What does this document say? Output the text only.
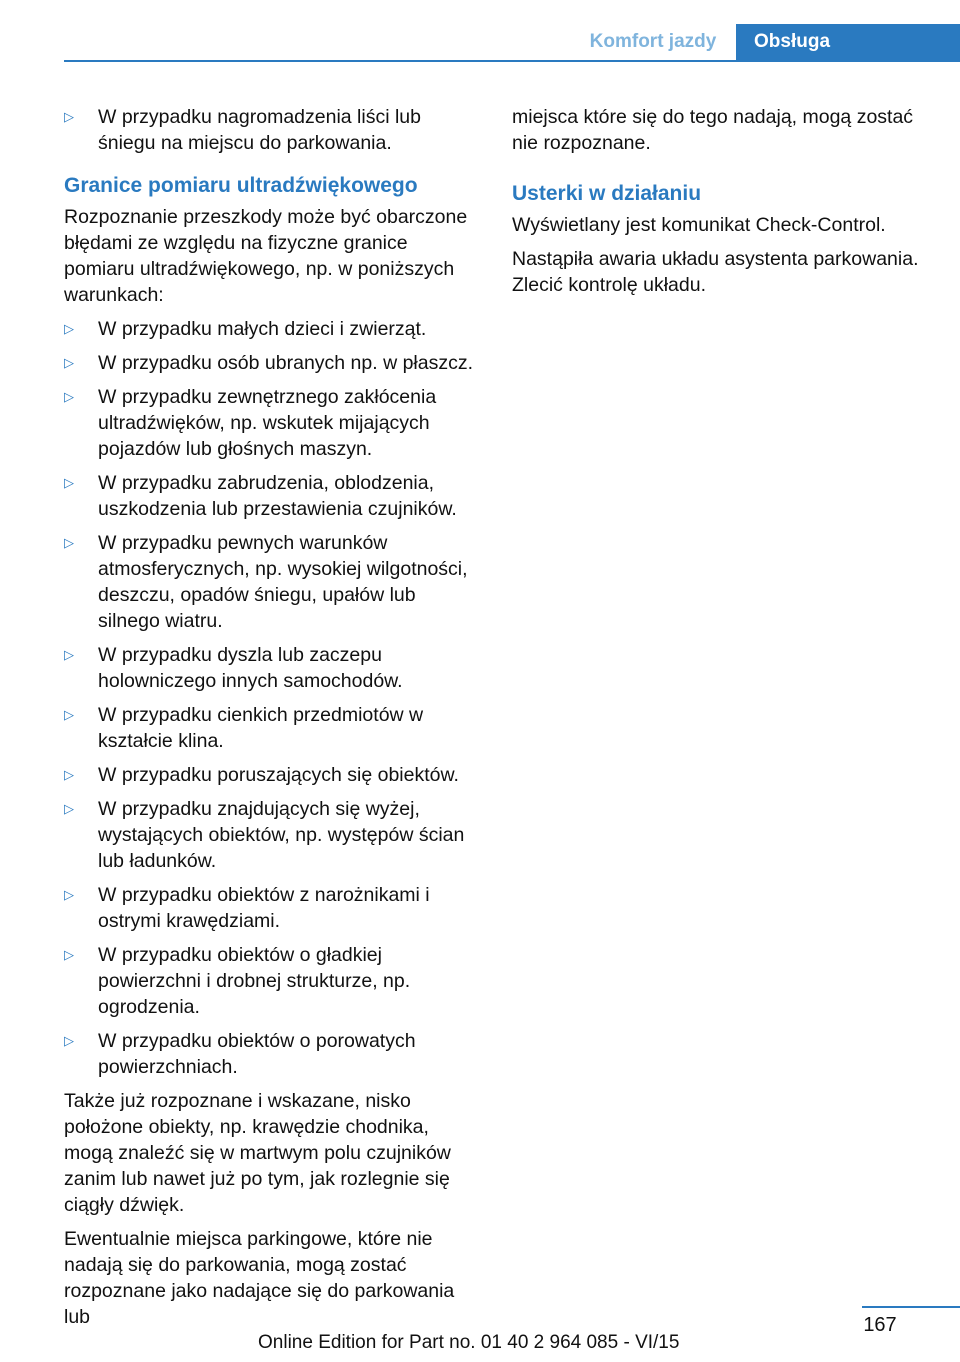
Komfort jazdy	Obsługa
▷ W przypadku nagromadzenia liści lub śniegu na miejscu do parkowania.
Granice pomiaru ultradźwiękowego

Rozpoznanie przeszkody może być obarczone błędami ze względu na fizyczne granice pomiaru ultradźwiękowego, np. w poniższych warunkach:

▷ W przypadku małych dzieci i zwierząt.
▷ W przypadku osób ubranych np. w płaszcz.
▷ W przypadku zewnętrznego zakłócenia ultradźwięków, np. wskutek mijających pojazdów lub głośnych maszyn.
▷ W przypadku zabrudzenia, oblodzenia, uszkodzenia lub przestawienia czujników.
▷ W przypadku pewnych warunków atmosferycznych, np. wysokiej wilgotności, deszczu, opadów śniegu, upałów lub silnego wiatru.
▷ W przypadku dyszla lub zaczepu holowniczego innych samochodów.
▷ W przypadku cienkich przedmiotów w kształcie klina.
▷ W przypadku poruszających się obiektów.
▷ W przypadku znajdujących się wyżej, wystających obiektów, np. występów ścian lub ładunków.
▷ W przypadku obiektów z narożnikami i ostrymi krawędziami.
▷ W przypadku obiektów o gładkiej powierzchni i drobnej strukturze, np. ogrodzenia.
▷ W przypadku obiektów o porowatych powierzchniach.

Także już rozpoznane i wskazane, nisko położone obiekty, np. krawędzie chodnika, mogą znaleźć się w martwym polu czujników zanim lub nawet już po tym, jak rozlegnie się ciągły dźwięk.

Ewentualnie miejsca parkingowe, które nie nadają się do parkowania, mogą zostać rozpoznane jako nadające się do parkowania lub

miejsca które się do tego nadają, mogą zostać nie rozpoznane.

Usterki w działaniu

Wyświetlany jest komunikat Check-Control.

Nastąpiła awaria układu asystenta parkowania. Zlecić kontrolę układu.

167
Online Edition for Part no. 01 40 2 964 085 - VI/15
